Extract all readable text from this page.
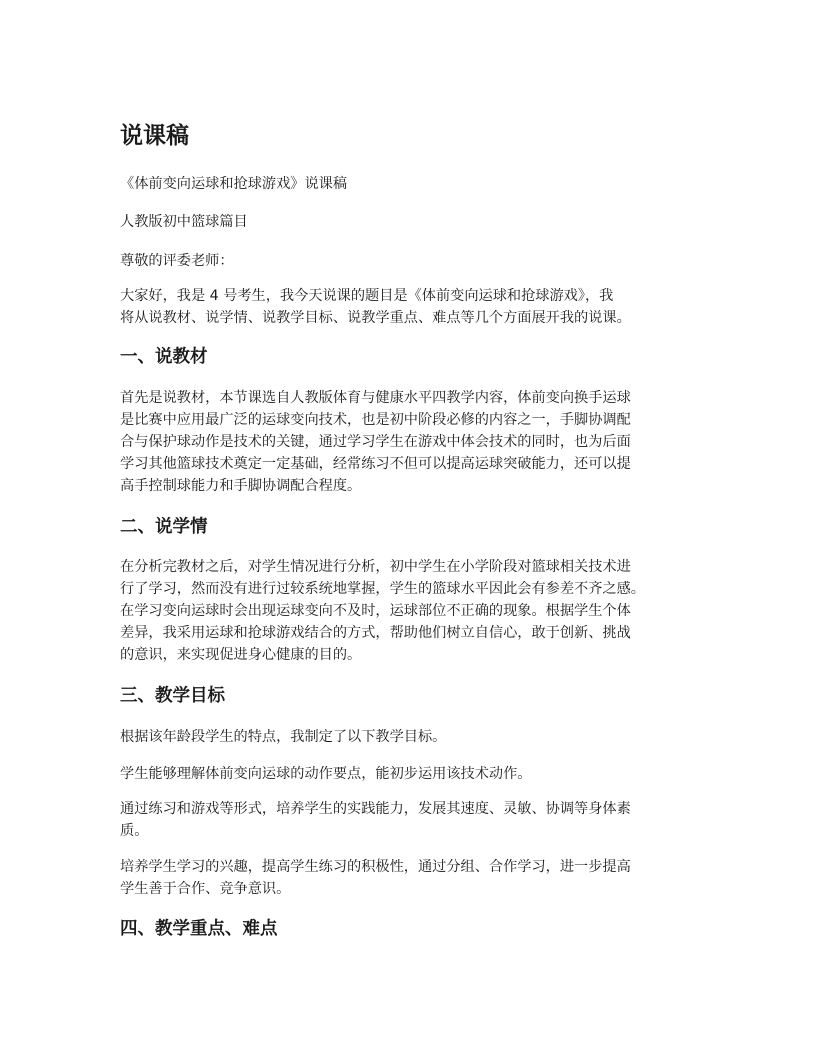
说课稿

《体前变向运球和抢球游戏》说课稿

人教版初中篮球篇目

尊敬的评委老师：

大家好，我是 4 号考生，我今天说课的题目是《体前变向运球和抢球游戏》，我
将从说教材、说学情、说教学目标、说教学重点、难点等几个方面展开我的说课。

一、说教材

首先是说教材，本节课选自人教版体育与健康水平四教学内容，体前变向换手运球
是比赛中应用最广泛的运球变向技术，也是初中阶段必修的内容之一，手脚协调配
合与保护球动作是技术的关键，通过学习学生在游戏中体会技术的同时，也为后面
学习其他篮球技术奠定一定基础，经常练习不但可以提高运球突破能力，还可以提
高手控制球能力和手脚协调配合程度。

二、说学情

在分析完教材之后，对学生情况进行分析，初中学生在小学阶段对篮球相关技术进
行了学习，然而没有进行过较系统地掌握，学生的篮球水平因此会有参差不齐之感。
在学习变向运球时会出现运球变向不及时，运球部位不正确的现象。根据学生个体
差异，我采用运球和抢球游戏结合的方式，帮助他们树立自信心，敢于创新、挑战
的意识，来实现促进身心健康的目的。

三、教学目标

根据该年龄段学生的特点，我制定了以下教学目标。

学生能够理解体前变向运球的动作要点，能初步运用该技术动作。

通过练习和游戏等形式，培养学生的实践能力，发展其速度、灵敏、协调等身体素
质。

培养学生学习的兴趣，提高学生练习的积极性，通过分组、合作学习，进一步提高
学生善于合作、竞争意识。

四、教学重点、难点
